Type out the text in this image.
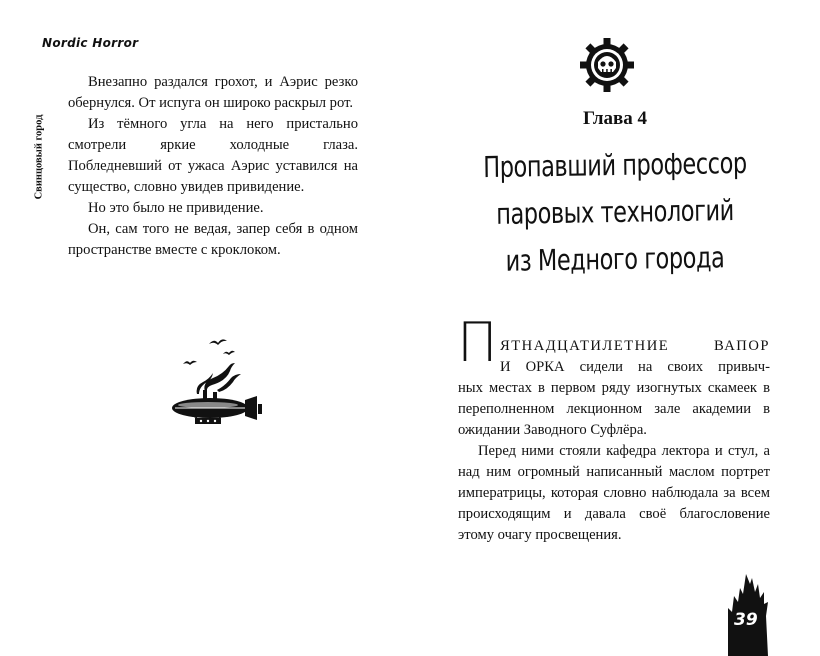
Nordic Horror
Свинцовый город

Внезапно раздался грохот, и Аэрис резко обернулся. От испуга он широко раскрыл рот.

Из тёмного угла на него пристально смотрели яркие холодные глаза. Побледневший от ужаса Аэрис уставился на существо, словно увидев привидение.

Но это было не привидение.

Он, сам того не ведая, запер себя в одном пространстве вместе с кроклоком.

Глава 4
Пропавший профессор
паровых технологий
из Медного города
П ЯТНАДЦАТИЛЕТНИЕ	ВАПОР
И ОРКА сидели на своих привыч-

ных местах в первом ряду изогнутых скамеек в переполненном лекционном зале академии в ожидании Заводного Суфлёра.

Перед ними стояли кафедра лектора и стул, а над ним огромный написанный маслом портрет императрицы, которая словно наблюдала за всем происходящим и давала своё благословение этому очагу просвещения.

39
